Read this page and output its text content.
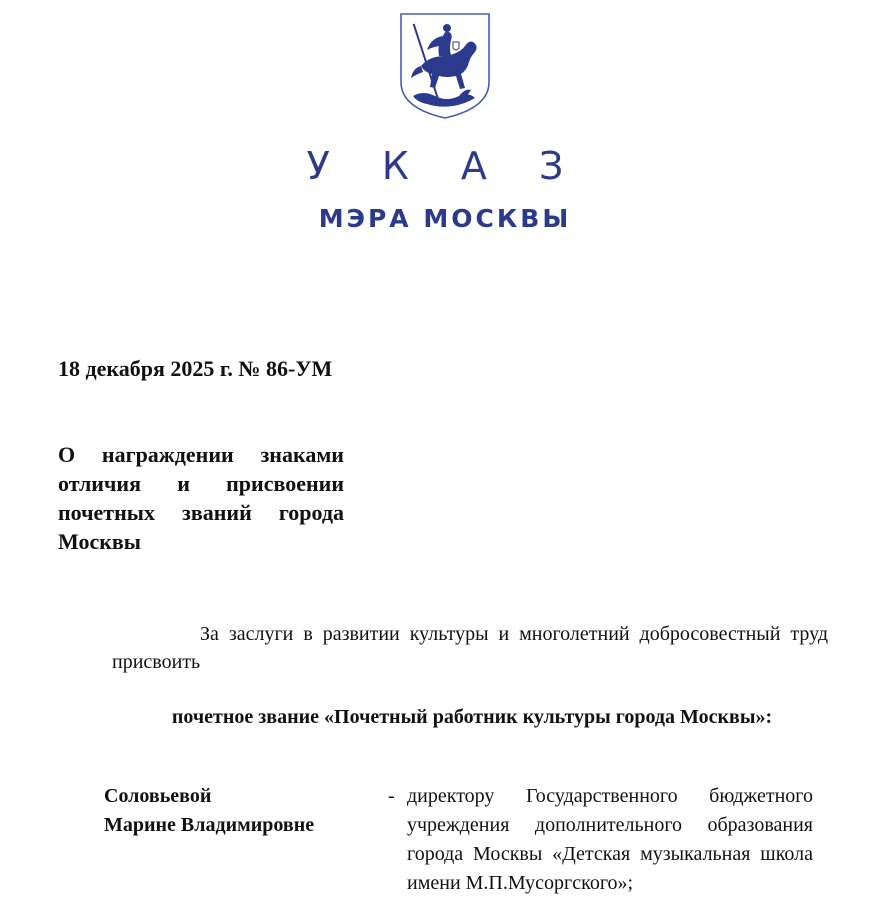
У К А З
МЭРА МОСКВЫ
18 декабря 2025 г. № 86-УМ
О награждении знаками отличия и присвоении почетных званий города Москвы
За заслуги в развитии культуры и многолетний добросовестный труд присвоить
почетное звание «Почетный работник культуры города Москвы»:
Соловьевой
Марине Владимировне
- директору Государственного бюджетного учреждения дополнительного образования города Москвы «Детская музыкальная школа имени М.П.Мусоргского»;
